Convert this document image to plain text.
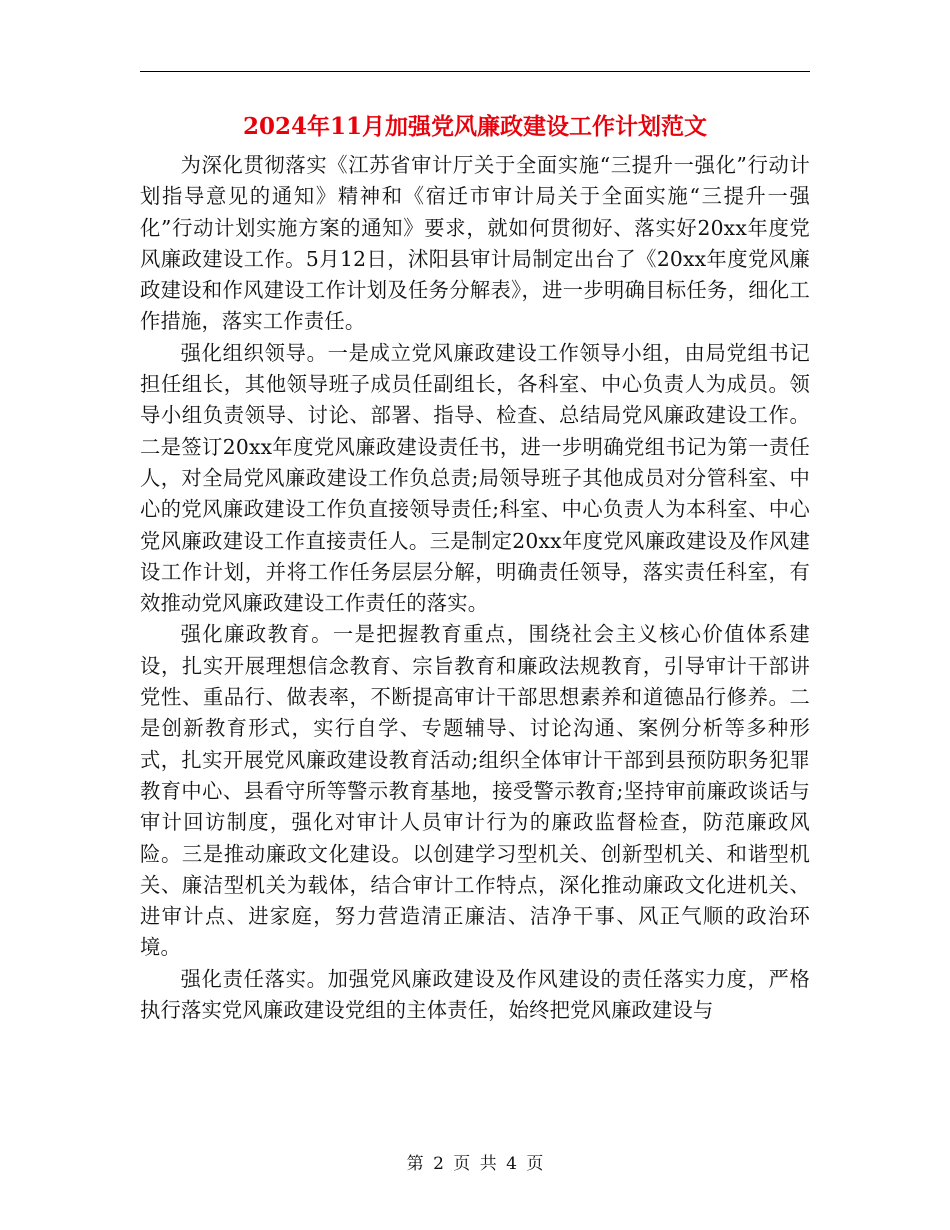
2024年11月加强党风廉政建设工作计划范文

为深化贯彻落实《江苏省审计厅关于全面实施“三提升一强化”行动计划指导意见的通知》精神和《宿迁市审计局关于全面实施“三提升一强化”行动计划实施方案的通知》要求，就如何贯彻好、落实好20xx年度党风廉政建设工作。5月12日，沭阳县审计局制定出台了《20xx年度党风廉政建设和作风建设工作计划及任务分解表》，进一步明确目标任务，细化工作措施，落实工作责任。

强化组织领导。一是成立党风廉政建设工作领导小组，由局党组书记担任组长，其他领导班子成员任副组长，各科室、中心负责人为成员。领导小组负责领导、讨论、部署、指导、检查、总结局党风廉政建设工作。二是签订20xx年度党风廉政建设责任书，进一步明确党组书记为第一责任人，对全局党风廉政建设工作负总责;局领导班子其他成员对分管科室、中心的党风廉政建设工作负直接领导责任;科室、中心负责人为本科室、中心党风廉政建设工作直接责任人。三是制定20xx年度党风廉政建设及作风建设工作计划，并将工作任务层层分解，明确责任领导，落实责任科室，有效推动党风廉政建设工作责任的落实。

强化廉政教育。一是把握教育重点，围绕社会主义核心价值体系建设，扎实开展理想信念教育、宗旨教育和廉政法规教育，引导审计干部讲党性、重品行、做表率，不断提高审计干部思想素养和道德品行修养。二是创新教育形式，实行自学、专题辅导、讨论沟通、案例分析等多种形式，扎实开展党风廉政建设教育活动;组织全体审计干部到县预防职务犯罪教育中心、县看守所等警示教育基地，接受警示教育;坚持审前廉政谈话与审计回访制度，强化对审计人员审计行为的廉政监督检查，防范廉政风险。三是推动廉政文化建设。以创建学习型机关、创新型机关、和谐型机关、廉洁型机关为载体，结合审计工作特点，深化推动廉政文化进机关、进审计点、进家庭，努力营造清正廉洁、洁净干事、风正气顺的政治环境。

强化责任落实。加强党风廉政建设及作风建设的责任落实力度，严格执行落实党风廉政建设党组的主体责任，始终把党风廉政建设与

第 2 页 共 4 页
